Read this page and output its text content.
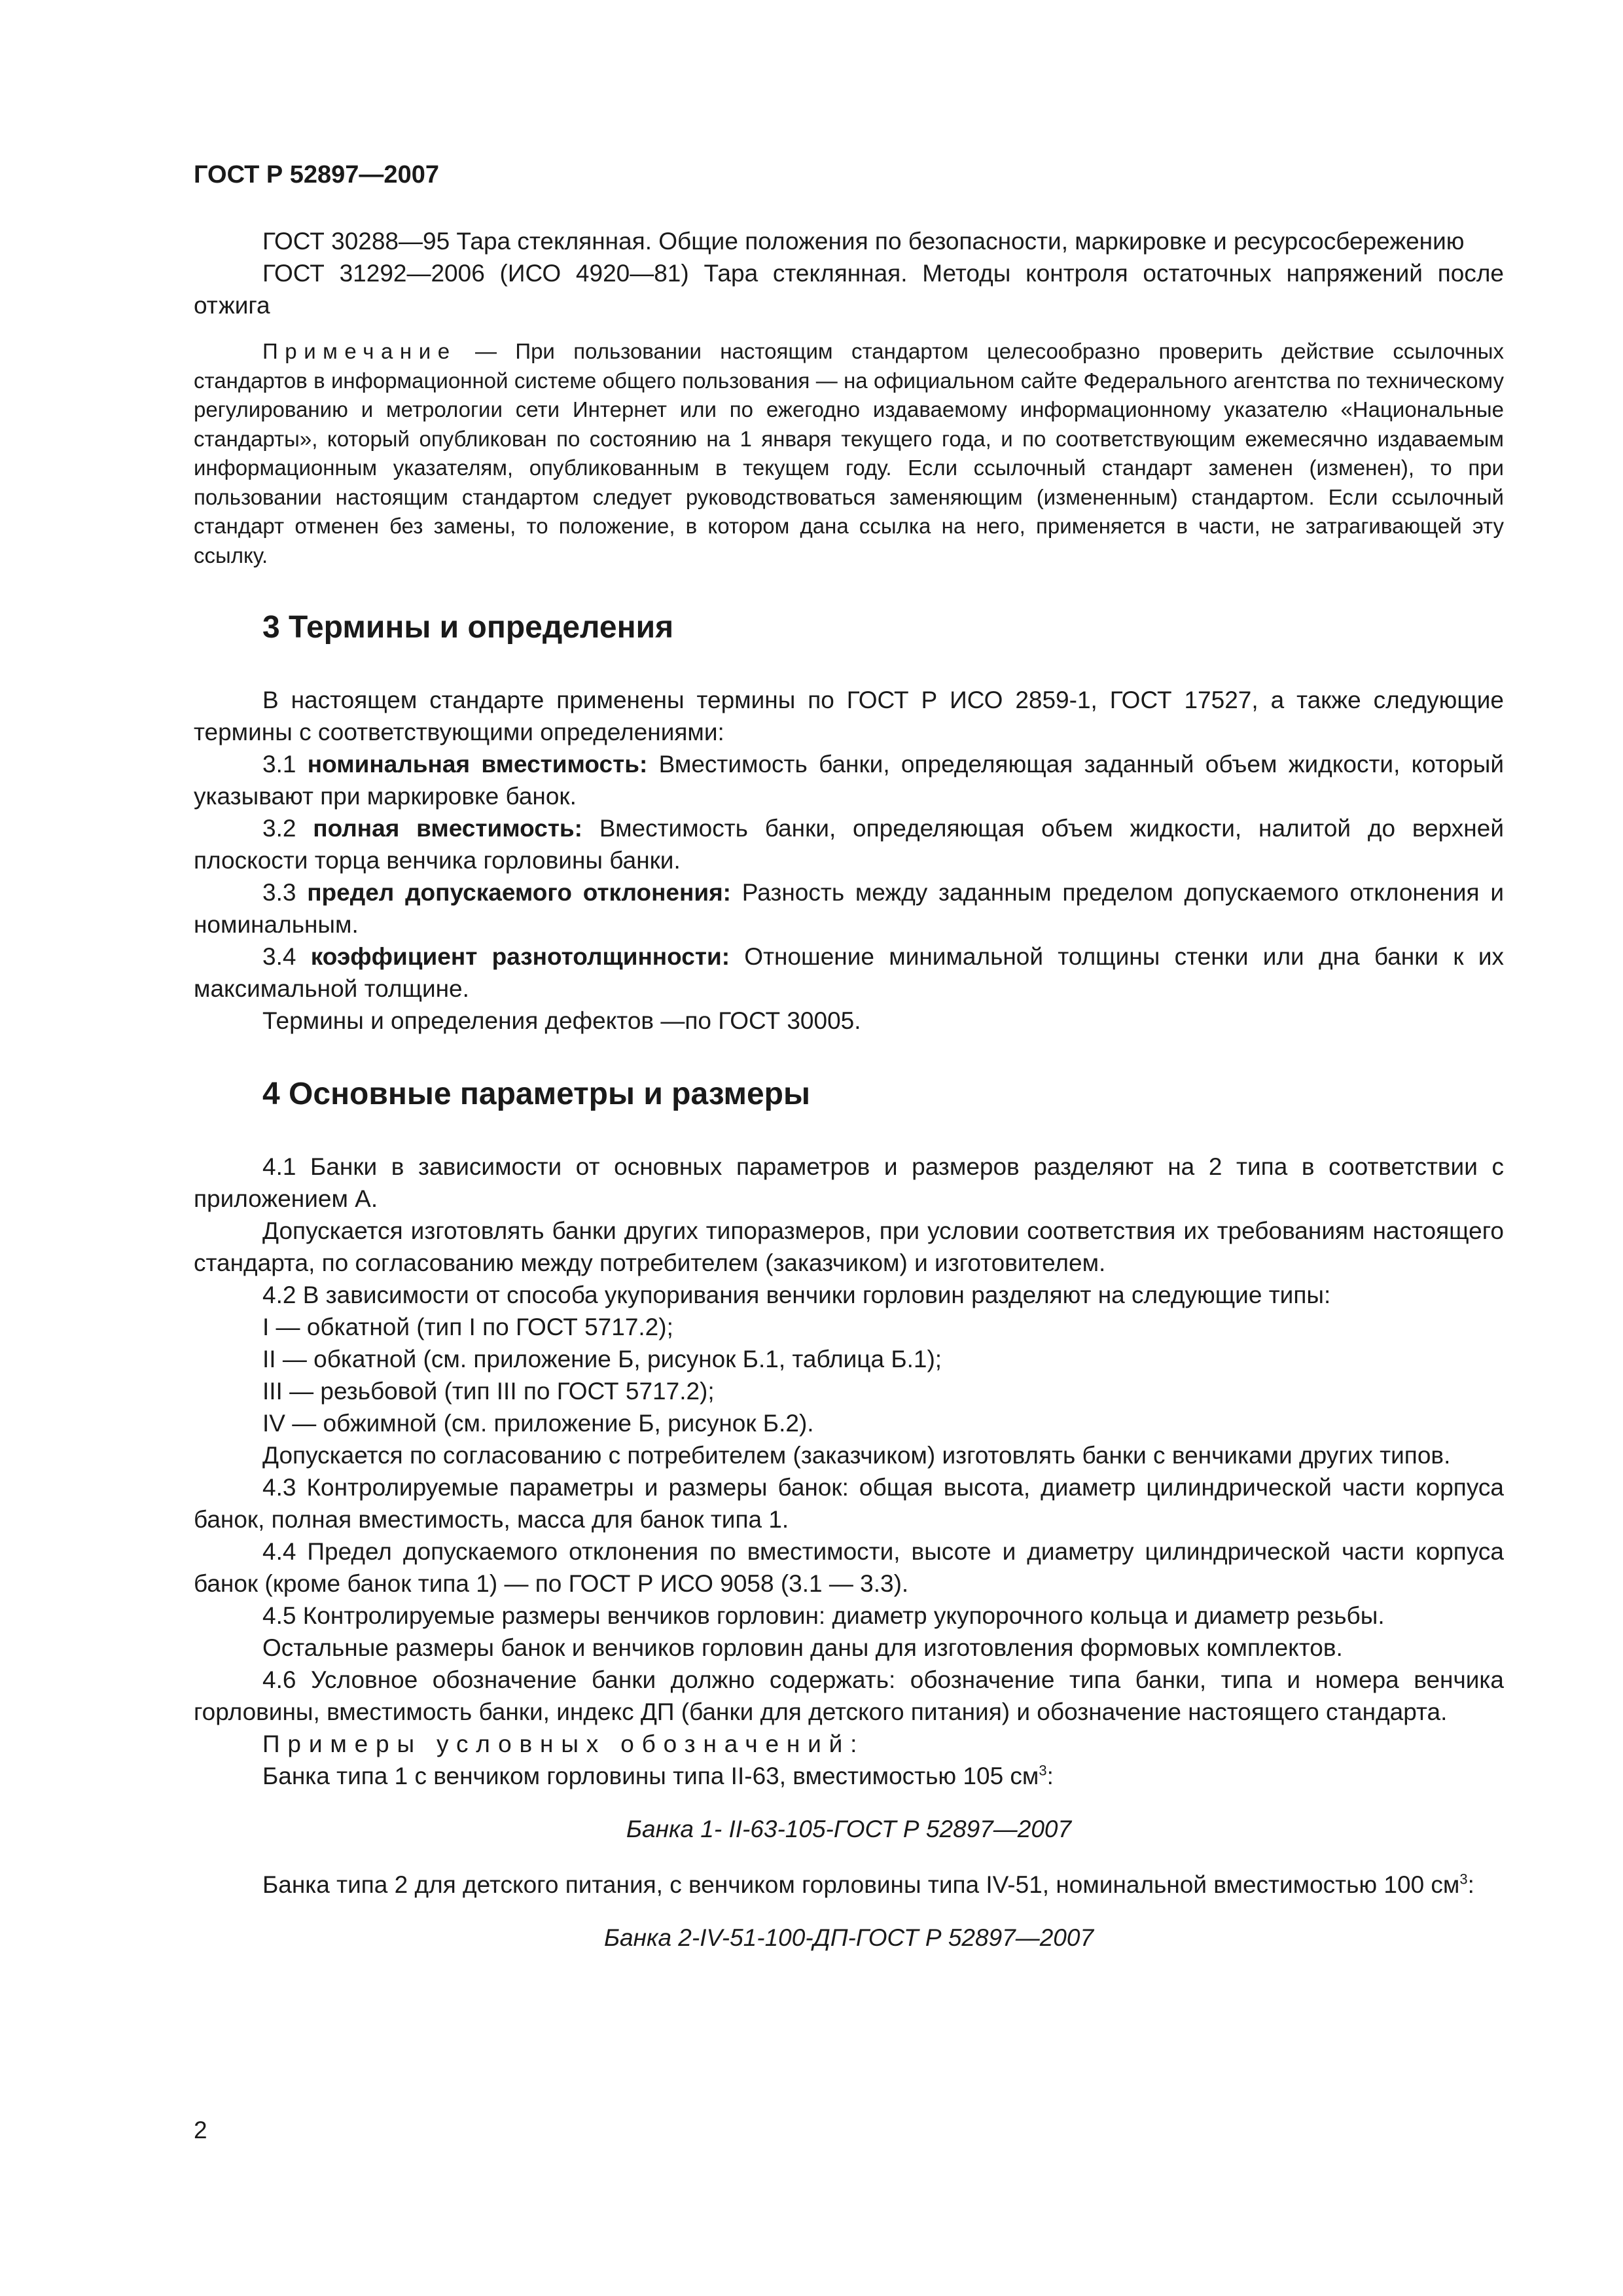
ГОСТ Р 52897—2007

ГОСТ 30288—95 Тара стеклянная. Общие положения по безопасности, маркировке и ресурсосбережению

ГОСТ 31292—2006 (ИСО 4920—81) Тара стеклянная. Методы контроля остаточных напряжений после отжига

Примечание — При пользовании настоящим стандартом целесообразно проверить действие ссылочных стандартов в информационной системе общего пользования — на официальном сайте Федерального агентства по техническому регулированию и метрологии сети Интернет или по ежегодно издаваемому информационному указателю «Национальные стандарты», который опубликован по состоянию на 1 января текущего года, и по соответствующим ежемесячно издаваемым информационным указателям, опубликованным в текущем году. Если ссылочный стандарт заменен (изменен), то при пользовании настоящим стандартом следует руководствоваться заменяющим (измененным) стандартом. Если ссылочный стандарт отменен без замены, то положение, в котором дана ссылка на него, применяется в части, не затрагивающей эту ссылку.

3 Термины и определения

В настоящем стандарте применены термины по ГОСТ Р ИСО 2859-1, ГОСТ 17527, а также следующие термины с соответствующими определениями:

3.1 номинальная вместимость: Вместимость банки, определяющая заданный объем жидкости, который указывают при маркировке банок.

3.2 полная вместимость: Вместимость банки, определяющая объем жидкости, налитой до верхней плоскости торца венчика горловины банки.

3.3 предел допускаемого отклонения: Разность между заданным пределом допускаемого отклонения и номинальным.

3.4 коэффициент разнотолщинности: Отношение минимальной толщины стенки или дна банки к их максимальной толщине.

Термины и определения дефектов —по ГОСТ 30005.

4 Основные параметры и размеры

4.1 Банки в зависимости от основных параметров и размеров разделяют на 2 типа в соответствии с приложением А.

Допускается изготовлять банки других типоразмеров, при условии соответствия их требованиям настоящего стандарта, по согласованию между потребителем (заказчиком) и изготовителем.

4.2 В зависимости от способа укупоривания венчики горловин разделяют на следующие типы:

I — обкатной (тип I по ГОСТ 5717.2);

II — обкатной (см. приложение Б, рисунок Б.1, таблица Б.1);

III — резьбовой (тип III по ГОСТ 5717.2);

IV — обжимной (см. приложение Б, рисунок Б.2).

Допускается по согласованию с потребителем (заказчиком) изготовлять банки с венчиками других типов.

4.3 Контролируемые параметры и размеры банок: общая высота, диаметр цилиндрической части корпуса банок, полная вместимость, масса для банок типа 1.

4.4 Предел допускаемого отклонения по вместимости, высоте и диаметру цилиндрической части корпуса банок (кроме банок типа 1) — по ГОСТ Р ИСО 9058 (3.1 — 3.3).

4.5 Контролируемые размеры венчиков горловин: диаметр укупорочного кольца и диаметр резьбы.

Остальные размеры банок и венчиков горловин даны для изготовления формовых комплектов.

4.6 Условное обозначение банки должно содержать: обозначение типа банки, типа и номера венчика горловины, вместимость банки, индекс ДП (банки для детского питания) и обозначение настоящего стандарта.

Примеры условных обозначений:

Банка типа 1 с венчиком горловины типа II-63, вместимостью 105 $см^3$:

Банка 1- II-63-105-ГОСТ Р 52897—2007

Банка типа 2 для детского питания, с венчиком горловины типа IV-51, номинальной вместимостью 100 $см^3$:

Банка 2-IV-51-100-ДП-ГОСТ Р 52897—2007

2
